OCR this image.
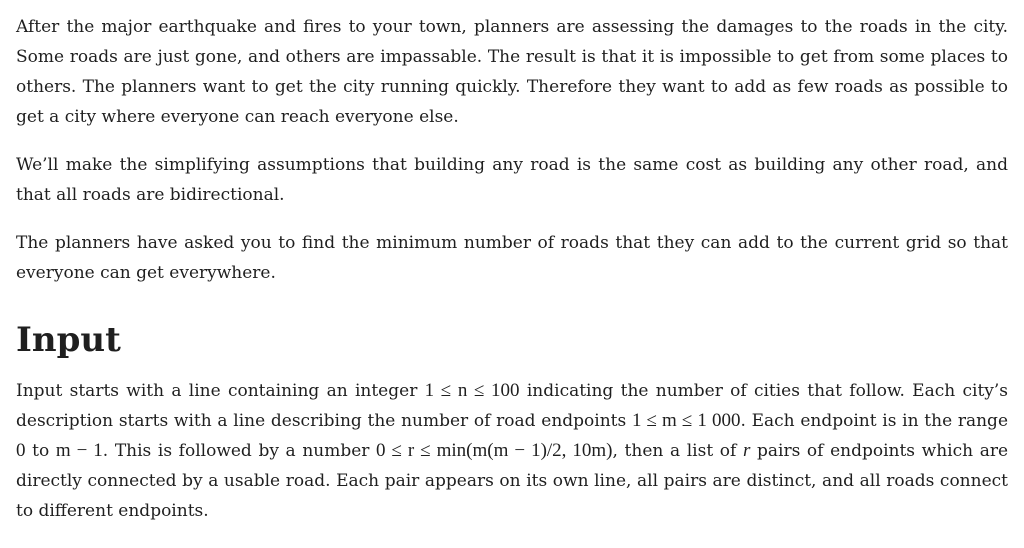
After the major earthquake and fires to your town, planners are assessing the damages to the roads in the city. Some roads are just gone, and others are impassable. The result is that it is impossible to get from some places to others. The planners want to get the city running quickly. Therefore they want to add as few roads as possible to get a city where everyone can reach everyone else.

We’ll make the simplifying assumptions that building any road is the same cost as building any other road, and that all roads are bidirectional.

The planners have asked you to find the minimum number of roads that they can add to the current grid so that everyone can get everywhere.

Input

Input starts with a line containing an integer 1 ≤ n ≤ 100 indicating the number of cities that follow. Each city’s description starts with a line describing the number of road endpoints 1 ≤ m ≤ 1 000. Each endpoint is in the range 0 to m − 1. This is followed by a number 0 ≤ r ≤ min(m(m − 1)/2, 10m), then a list of r pairs of endpoints which are directly connected by a usable road. Each pair appears on its own line, all pairs are distinct, and all roads connect to different endpoints.
